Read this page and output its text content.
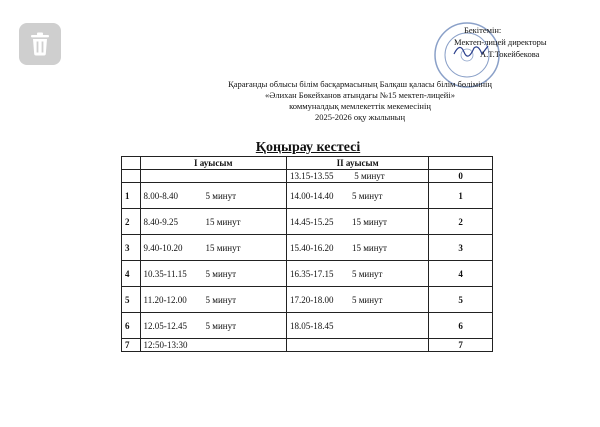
Бекітемін:
Мектеп-лицей директоры
А.Т.Токейбекова
Қарағанды облысы білім басқармасының Балқаш қаласы білім бөлімінің
«Әлихан Бөкейханов атындағы №15 мектеп-лицейі»
коммуналдық мемлекеттік мекемесінің
2025-2026 оқу жылының
Қоңырау кестесі
	І ауысым	ІІ ауысым	
		13.15-13.55 5 минут	0
1	8.00-8.40 5 минут	14.00-14.40 5 минут	1
2	8.40-9.25 15 минут	14.45-15.25 15 минут	2
3	9.40-10.20 15 минут	15.40-16.20 15 минут	3
4	10.35-11.15 5 минут	16.35-17.15 5 минут	4
5	11.20-12.00 5 минут	17.20-18.00 5 минут	5
6	12.05-12.45 5 минут	18.05-18.45	6
7	12:50-13:30		7
